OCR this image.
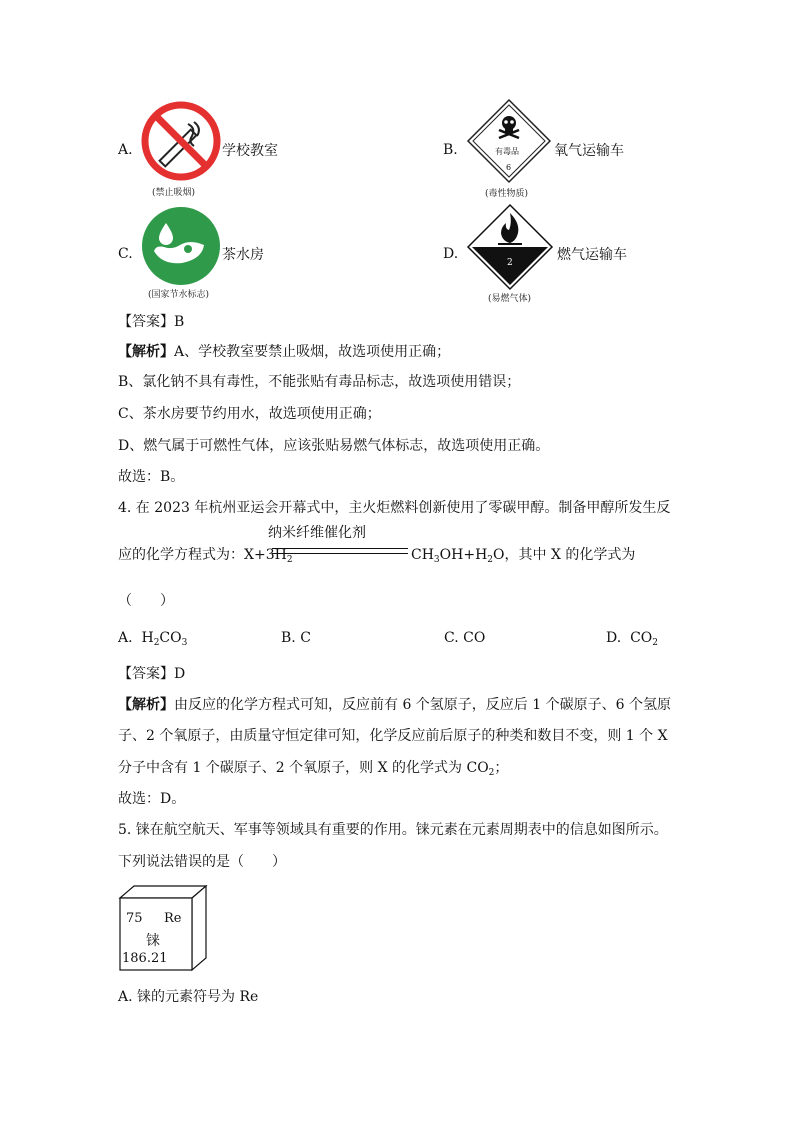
A.	学校教室
(禁止吸烟)
B.	有毒品
6
氧气运输车
(毒性物质)
C.	茶水房
(国家节水标志)
D.
2	燃气运输车
(易燃气体)
【答案】B
【解析】A、学校教室要禁止吸烟，故选项使用正确；
B、氯化钠不具有毒性，不能张贴有毒品标志，故选项使用错误；
C、茶水房要节约用水，故选项使用正确；
D、燃气属于可燃性气体，应该张贴易燃气体标志，故选项使用正确。
故选：B。
4. 在 2023 年杭州亚运会开幕式中，主火炬燃料创新使用了零碳甲醇。制备甲醇所发生反
应的化学方程式为：$X+3H_2$
纳米纤维催化剂
$CH_3OH+H_2O$，其中 X 的化学式为
（　　）
A. $H_2CO_3$	B. C	C. CO	D. $CO_2$
【答案】D
【解析】由反应的化学方程式可知，反应前有 6 个氢原子，反应后 1 个碳原子、6 个氢原
子、2 个氧原子，由质量守恒定律可知，化学反应前后原子的种类和数目不变，则 1 个 X
分子中含有 1 个碳原子、2 个氧原子，则 X 的化学式为 $CO_2$；
故选：D。
5. 铼在航空航天、军事等领域具有重要的作用。铼元素在元素周期表中的信息如图所示。
下列说法错误的是（　　）
75 Re
铼
186.21
A. 铼的元素符号为 Re
